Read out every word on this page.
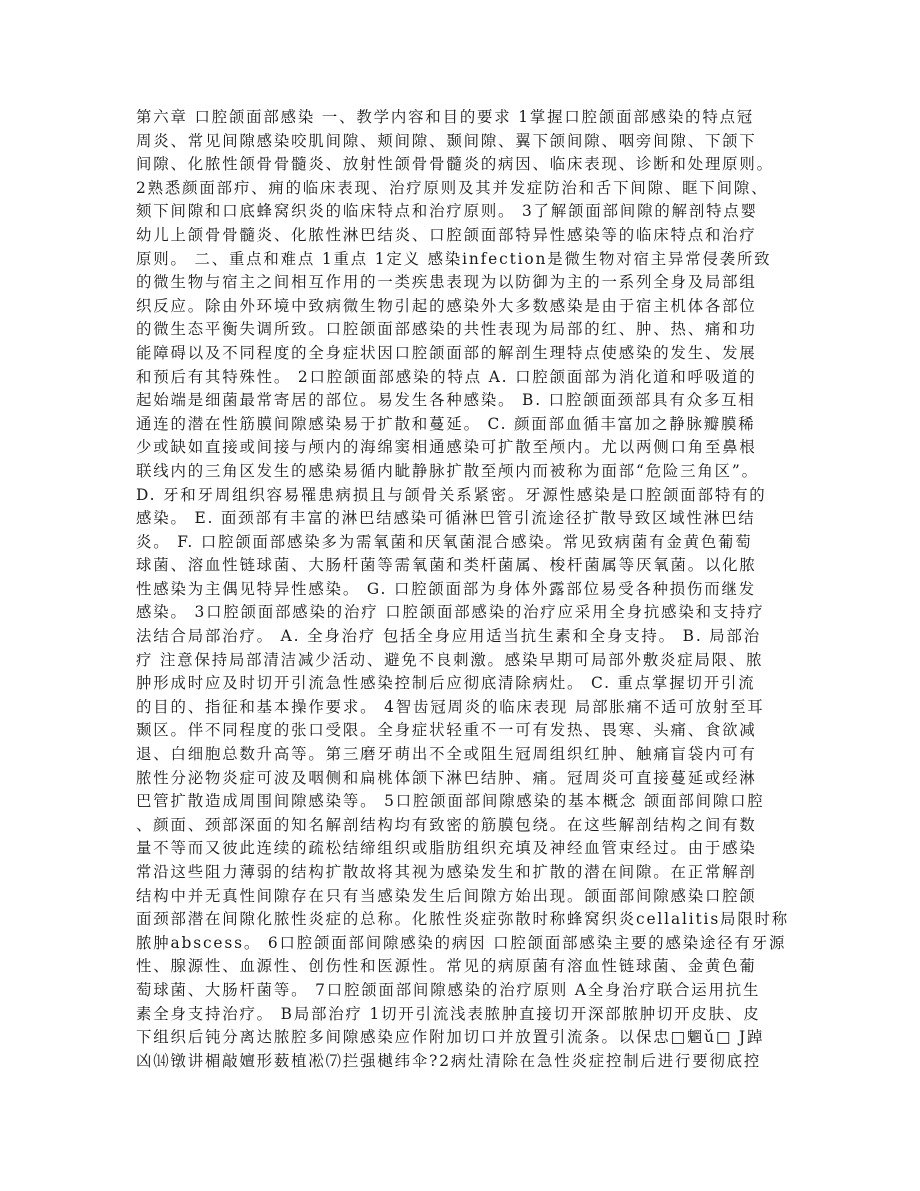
第六章 口腔颌面部感染 一、教学内容和目的要求 1掌握口腔颌面部感染的特点冠
周炎、常见间隙感染咬肌间隙、颊间隙、颞间隙、翼下颌间隙、咽旁间隙、下颌下
间隙、化脓性颌骨骨髓炎、放射性颌骨骨髓炎的病因、临床表现、诊断和处理原则。
2熟悉颜面部疖、痈的临床表现、治疗原则及其并发症防治和舌下间隙、眶下间隙、
颏下间隙和口底蜂窝织炎的临床特点和治疗原则。 3了解颌面部间隙的解剖特点婴
幼儿上颌骨骨髓炎、化脓性淋巴结炎、口腔颌面部特异性感染等的临床特点和治疗
原则。 二、重点和难点 1重点 1定义 感染infection是微生物对宿主异常侵袭所致
的微生物与宿主之间相互作用的一类疾患表现为以防御为主的一系列全身及局部组
织反应。除由外环境中致病微生物引起的感染外大多数感染是由于宿主机体各部位
的微生态平衡失调所致。口腔颌面部感染的共性表现为局部的红、肿、热、痛和功
能障碍以及不同程度的全身症状因口腔颌面部的解剖生理特点使感染的发生、发展
和预后有其特殊性。 2口腔颌面部感染的特点 A. 口腔颌面部为消化道和呼吸道的
起始端是细菌最常寄居的部位。易发生各种感染。 B. 口腔颌面颈部具有众多互相
通连的潜在性筋膜间隙感染易于扩散和蔓延。 C. 颜面部血循丰富加之静脉瓣膜稀
少或缺如直接或间接与颅内的海绵窦相通感染可扩散至颅内。尤以两侧口角至鼻根
联线内的三角区发生的感染易循内眦静脉扩散至颅内而被称为面部“危险三角区”。
D. 牙和牙周组织容易罹患病损且与颌骨关系紧密。牙源性感染是口腔颌面部特有的
感染。 E. 面颈部有丰富的淋巴结感染可循淋巴管引流途径扩散导致区域性淋巴结
炎。 F. 口腔颌面部感染多为需氧菌和厌氧菌混合感染。常见致病菌有金黄色葡萄
球菌、溶血性链球菌、大肠杆菌等需氧菌和类杆菌属、梭杆菌属等厌氧菌。以化脓
性感染为主偶见特异性感染。 G. 口腔颌面部为身体外露部位易受各种损伤而继发
感染。 3口腔颌面部感染的治疗 口腔颌面部感染的治疗应采用全身抗感染和支持疗
法结合局部治疗。 A. 全身治疗 包括全身应用适当抗生素和全身支持。 B. 局部治
疗 注意保持局部清洁减少活动、避免不良刺激。感染早期可局部外敷炎症局限、脓
肿形成时应及时切开引流急性感染控制后应彻底清除病灶。 C. 重点掌握切开引流
的目的、指征和基本操作要求。 4智齿冠周炎的临床表现 局部胀痛不适可放射至耳
颞区。伴不同程度的张口受限。全身症状轻重不一可有发热、畏寒、头痛、食欲减
退、白细胞总数升高等。第三磨牙萌出不全或阻生冠周组织红肿、触痛盲袋内可有
脓性分泌物炎症可波及咽侧和扁桃体颌下淋巴结肿、痛。冠周炎可直接蔓延或经淋
巴管扩散造成周围间隙感染等。 5口腔颌面部间隙感染的基本概念 颌面部间隙口腔
、颜面、颈部深面的知名解剖结构均有致密的筋膜包绕。在这些解剖结构之间有数
量不等而又彼此连续的疏松结缔组织或脂肪组织充填及神经血管束经过。由于感染
常沿这些阻力薄弱的结构扩散故将其视为感染发生和扩散的潜在间隙。在正常解剖
结构中并无真性间隙存在只有当感染发生后间隙方始出现。颌面部间隙感染口腔颌
面颈部潜在间隙化脓性炎症的总称。化脓性炎症弥散时称蜂窝织炎cellalitis局限时称
脓肿abscess。 6口腔颌面部间隙感染的病因 口腔颌面部感染主要的感染途径有牙源
性、腺源性、血源性、创伤性和医源性。常见的病原菌有溶血性链球菌、金黄色葡
萄球菌、大肠杆菌等。 7口腔颌面部间隙感染的治疗原则 A全身治疗联合运用抗生
素全身支持治疗。 B局部治疗 1切开引流浅表脓肿直接切开深部脓肿切开皮肤、皮
下组织后钝分离达脓腔多间隙感染应作附加切口并放置引流条。以保忠□魍ǔ□ J踔
凶⒁镦讲楣敲嬗形薮植凇⑺拦强樾纬伞?2病灶清除在急性炎症控制后进行要彻底控
